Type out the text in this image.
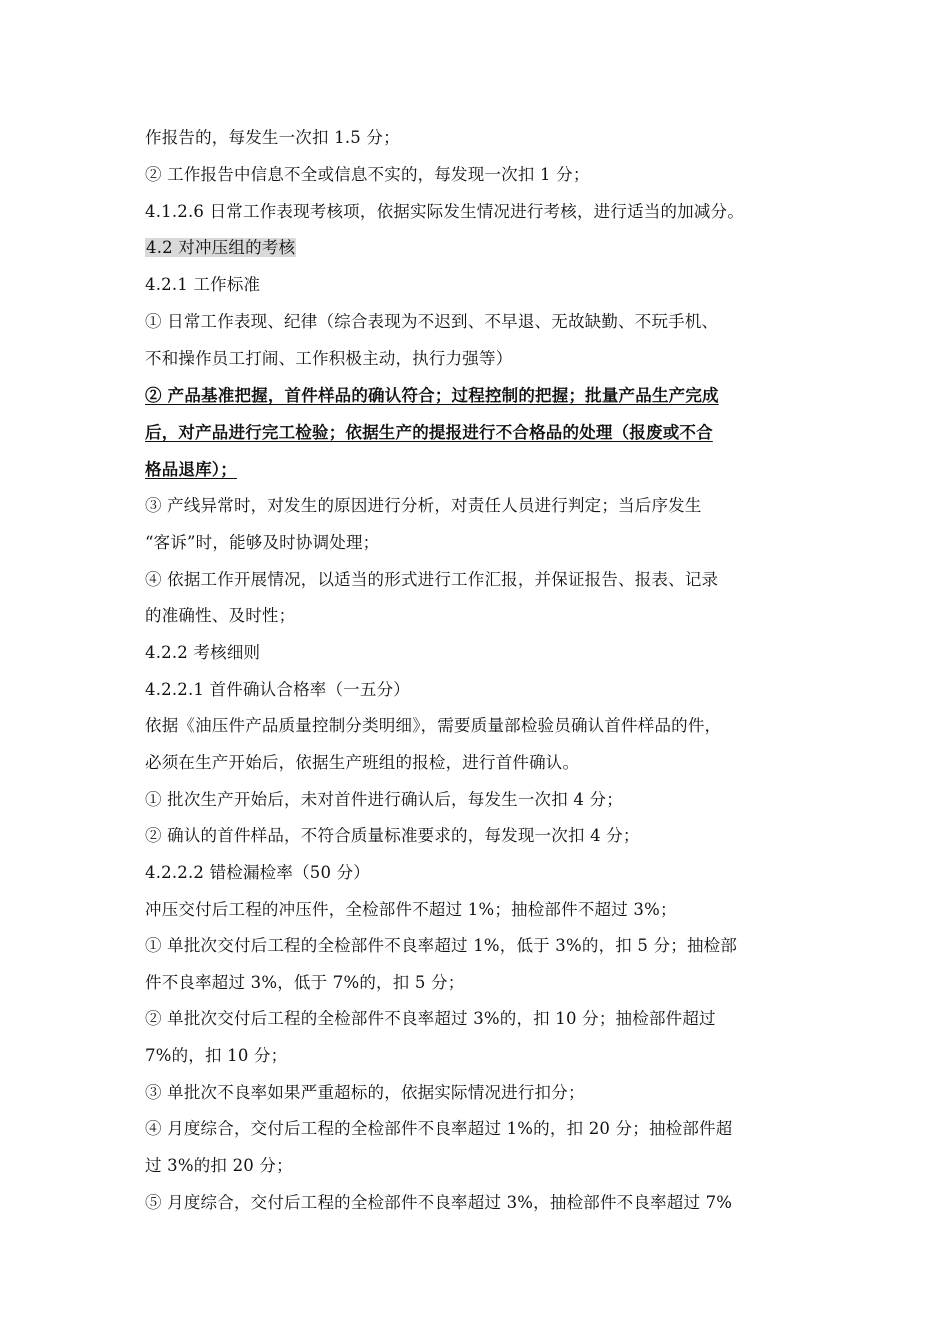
作报告的，每发生一次扣 1.5 分；
② 工作报告中信息不全或信息不实的，每发现一次扣 1 分；
4.1.2.6 日常工作表现考核项，依据实际发生情况进行考核，进行适当的加减分。
4.2 对冲压组的考核
4.2.1 工作标准
① 日常工作表现、纪律（综合表现为不迟到、不早退、无故缺勤、不玩手机、
不和操作员工打闹、工作积极主动，执行力强等）
② 产品基准把握，首件样品的确认符合；过程控制的把握；批量产品生产完成
后，对产品进行完工检验；依据生产的提报进行不合格品的处理（报废或不合
格品退库）；
③ 产线异常时，对发生的原因进行分析，对责任人员进行判定；当后序发生
“客诉”时，能够及时协调处理；
④ 依据工作开展情况，以适当的形式进行工作汇报，并保证报告、报表、记录
的准确性、及时性；
4.2.2 考核细则
4.2.2.1 首件确认合格率（一五分）
依据《油压件产品质量控制分类明细》，需要质量部检验员确认首件样品的件，
必须在生产开始后，依据生产班组的报检，进行首件确认。
① 批次生产开始后，未对首件进行确认后，每发生一次扣 4 分；
② 确认的首件样品，不符合质量标准要求的，每发现一次扣 4 分；
4.2.2.2 错检漏检率（50 分）
冲压交付后工程的冲压件，全检部件不超过 1%；抽检部件不超过 3%；
① 单批次交付后工程的全检部件不良率超过 1%，低于 3%的，扣 5 分；抽检部
件不良率超过 3%，低于 7%的，扣 5 分；
② 单批次交付后工程的全检部件不良率超过 3%的，扣 10 分；抽检部件超过
7%的，扣 10 分；
③ 单批次不良率如果严重超标的，依据实际情况进行扣分；
④ 月度综合，交付后工程的全检部件不良率超过 1%的，扣 20 分；抽检部件超
过 3%的扣 20 分；
⑤ 月度综合，交付后工程的全检部件不良率超过 3%，抽检部件不良率超过 7%
